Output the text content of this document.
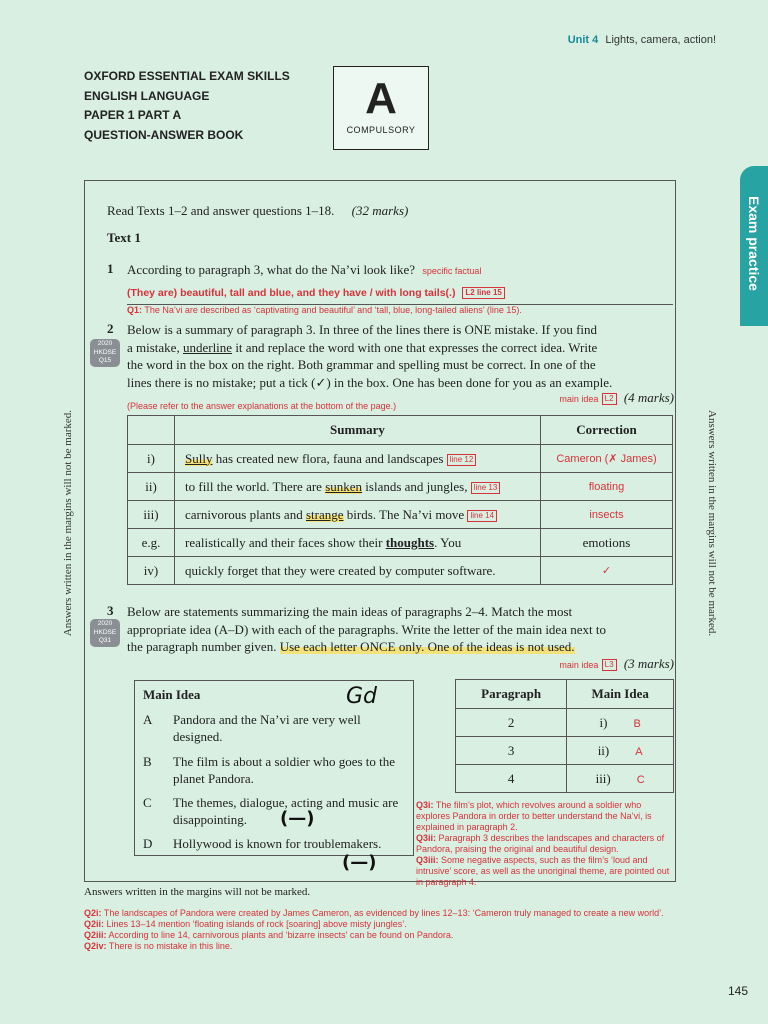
Unit 4 Lights, camera, action!
OXFORD ESSENTIAL EXAM SKILLS
ENGLISH LANGUAGE
PAPER 1 PART A
QUESTION-ANSWER BOOK
A
COMPULSORY
Exam practice
Answers written in the margins will not be marked.	Answers written in the margins will not be marked.
Read Texts 1–2 and answer questions 1–18. (32 marks)
Text 1
1 According to paragraph 3, what do the Na’vi look like? specific factual
(They are) beautiful, tall and blue, and they have / with long tails(.) L2 line 15
Q1: The Na’vi are described as ‘captivating and beautiful’ and ‘tall, blue, long-tailed aliens’ (line 15).
2
2020
HKDSE
Q15
Below is a summary of paragraph 3. In three of the lines there is ONE mistake. If you find
a mistake, underline it and replace the word with one that expresses the correct idea. Write
the word in the box on the right. Both grammar and spelling must be correct. In one of the
lines there is no mistake; put a tick (✓) in the box. One has been done for you as an example.
(Please refer to the answer explanations at the bottom of the page.)
main idea L2 (4 marks)
	Summary	Correction
i)	Sully has created new flora, fauna and landscapes line 12	Cameron (✗ James)
ii)	to fill the world. There are sunken islands and jungles, line 13	floating
iii)	carnivorous plants and strange birds. The Na’vi move line 14	insects
e.g.	realistically and their faces show their thoughts. You	emotions
iv)	quickly forget that they were created by computer software.	✓
3
2020
HKDSE
Q31
Below are statements summarizing the main ideas of paragraphs 2–4. Match the most
appropriate idea (A–D) with each of the paragraphs. Write the letter of the main idea next to
the paragraph number given. Use each letter ONCE only. One of the ideas is not used.
main idea L3 (3 marks)
Main Idea
A Pandora and the Na’vi are very well designed.
B The film is about a soldier who goes to the planet Pandora.
C The themes, dialogue, acting and music are disappointing.
D Hollywood is known for troublemakers.
Paragraph	Main Idea
2	i) B
3	ii) A
4	iii) C
Q3i: The film’s plot, which revolves around a soldier who explores Pandora in order to better understand the Na’vi, is explained in paragraph 2.
Q3ii: Paragraph 3 describes the landscapes and characters of Pandora, praising the original and beautiful design.
Q3iii: Some negative aspects, such as the film’s ‘loud and intrusive’ score, as well as the unoriginal theme, are pointed out in paragraph 4.
Gd
(—)
(—)
Answers written in the margins will not be marked.
Q2i: The landscapes of Pandora were created by James Cameron, as evidenced by lines 12–13: ‘Cameron truly managed to create a new world’.
Q2ii: Lines 13–14 mention ‘floating islands of rock [soaring] above misty jungles’.
Q2iii: According to line 14, carnivorous plants and ‘bizarre insects’ can be found on Pandora.
Q2iv: There is no mistake in this line.
145
